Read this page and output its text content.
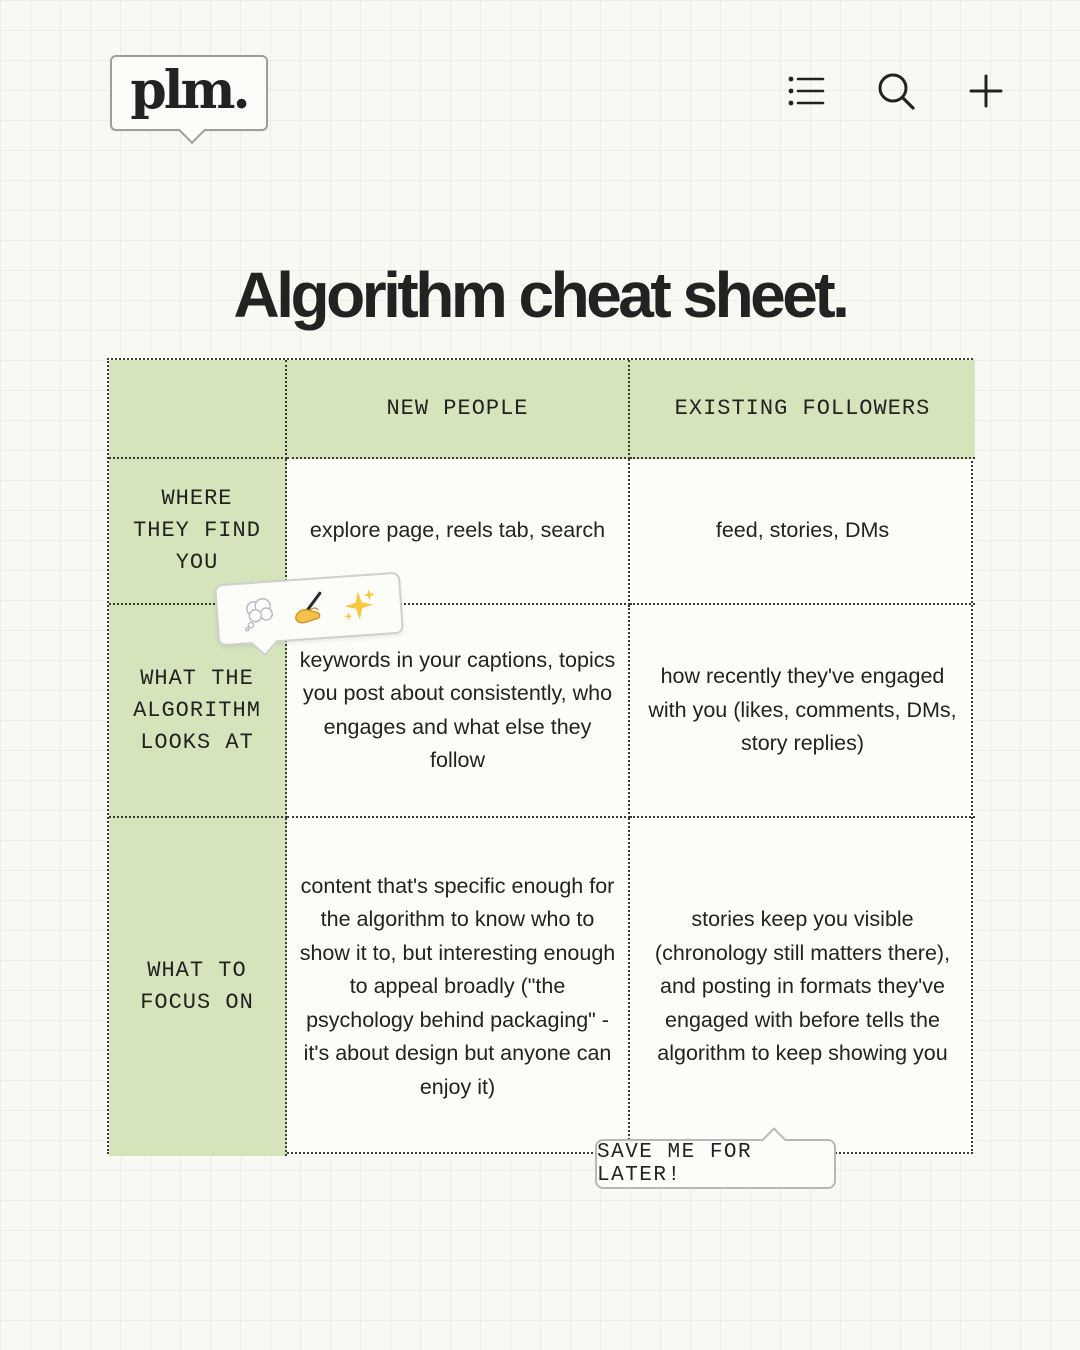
plm.
Algorithm cheat sheet.
NEW PEOPLE	EXISTING FOLLOWERS
WHERE THEY FIND YOU
explore page, reels tab, search	feed, stories, DMs
WHAT THE ALGORITHM LOOKS AT
keywords in your captions, topics you post about consistently, who engages and what else they follow
how recently they've engaged with you (likes, comments, DMs, story replies)
WHAT TO FOCUS ON
content that's specific enough for the algorithm to know who to show it to, but interesting enough to appeal broadly ("the psychology behind packaging" - it's about design but anyone can enjoy it)
stories keep you visible (chronology still matters there), and posting in formats they've engaged with before tells the algorithm to keep showing you
SAVE ME FOR LATER!
